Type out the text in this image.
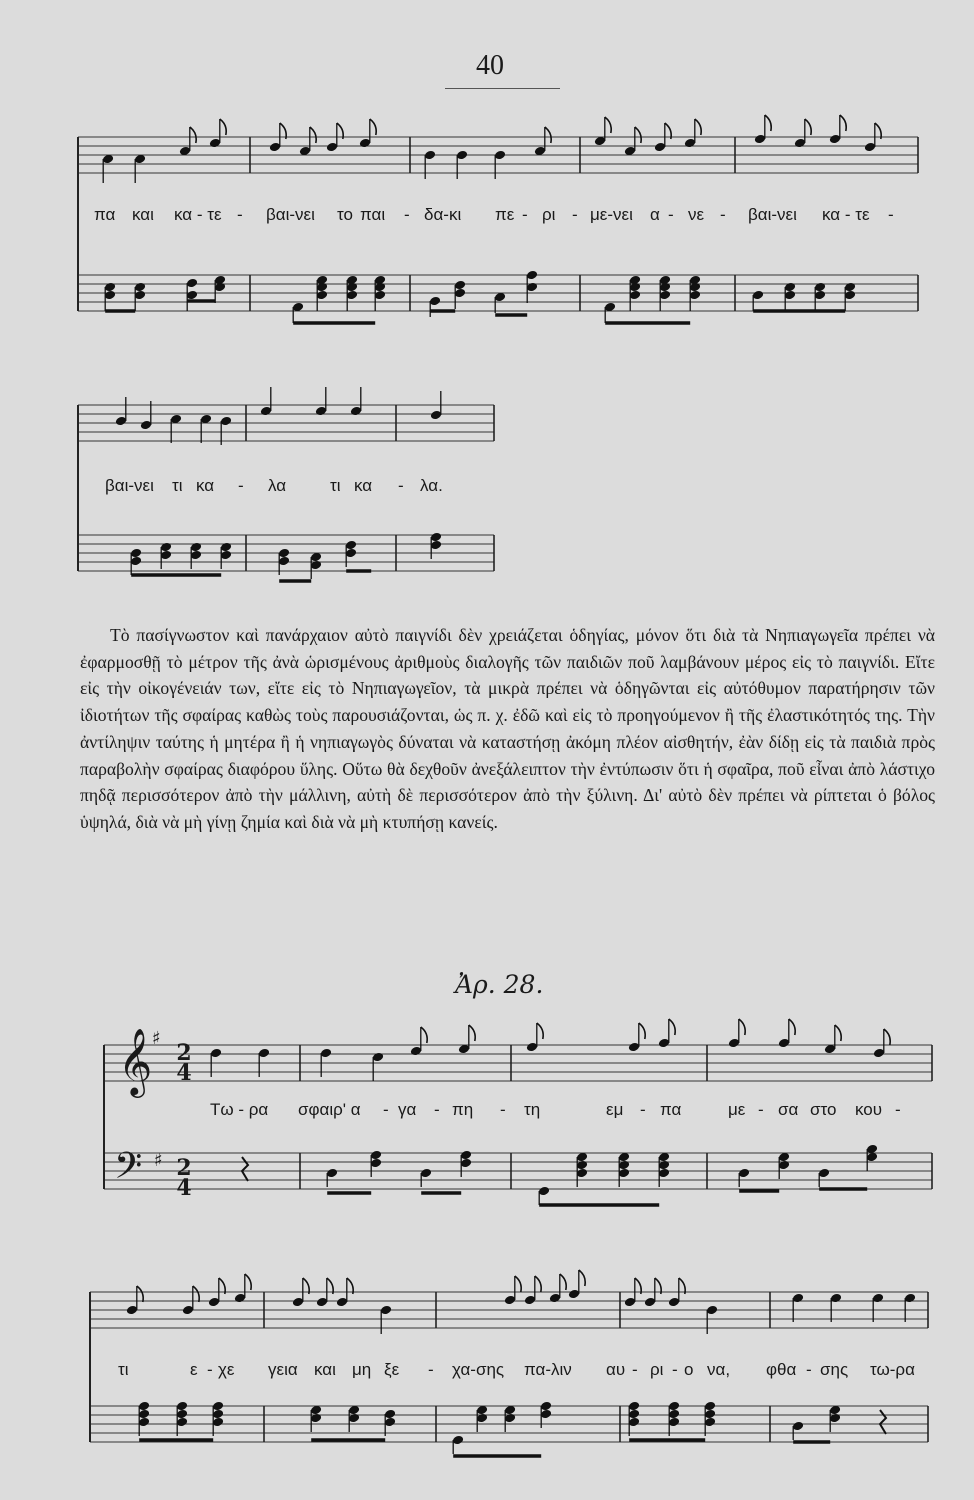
40
πα και κα - τε - βαι-νει το παι - δα-κι πε - ρι - με-νει α - νε - βαι-νει κα - τε -
βαι-νει τι κα - λα	τι κα - λα.

Τὸ πασίγνωστον καὶ πανάρχαιον αὐτὸ παιγνίδι δὲν χρειάζεται ὁδηγίας, μόνον ὅτι διὰ τὰ Νηπιαγωγεῖα πρέπει νὰ ἐφαρμοσθῇ τὸ μέτρον τῆς ἀνὰ ὡρισμένους ἀριθμοὺς διαλογῆς τῶν παιδιῶν ποῦ λαμβάνουν μέρος εἰς τὸ παιγνίδι. Εἴτε εἰς τὴν οἰκογένειάν των, εἴτε εἰς τὸ Νηπιαγωγεῖον, τὰ μικρὰ πρέπει νὰ ὁδηγῶνται εἰς αὐτόθυμον παρατήρησιν τῶν ἰδιοτήτων τῆς σφαίρας καθὼς τοὺς παρουσιάζονται, ὡς π. χ. ἐδῶ καὶ εἰς τὸ προηγούμενον ἢ τῆς ἐλαστικότητός της. Τὴν ἀντίληψιν ταύτης ἡ μητέρα ἢ ἡ νηπιαγωγὸς δύναται νὰ καταστήσῃ ἀκόμη πλέον αἰσθητήν, ἐὰν δίδῃ εἰς τὰ παιδιὰ πρὸς παραβολὴν σφαίρας διαφόρου ὕλης. Οὕτω θὰ δεχθοῦν ἀνεξάλειπτον τὴν ἐντύπωσιν ὅτι ἡ σφαῖρα, ποῦ εἶναι ἀπὸ λάστιχο πηδᾷ περισσότερον ἀπὸ τὴν μάλλινη, αὐτὴ δὲ περισσότερον ἀπὸ τὴν ξύλινη. Δι' αὐτὸ δὲν πρέπει νὰ ρίπτεται ὁ βόλος ὑψηλά, διὰ νὰ μὴ γίνῃ ζημία καὶ διὰ νὰ μὴ κτυπήσῃ κανείς.

Ἀρ. 28.
𝄞 ♯
2
4
𝄢 ♯ 2
4
Τω - ρα σφαιρ' α - γα - πη - τη	εμ - πα	με - σα στο κου -
τι	ε - χε γεια και μη ξε - χα-σης πα-λιν αυ - ρι - ο να, φθα - σης τω-ρα
